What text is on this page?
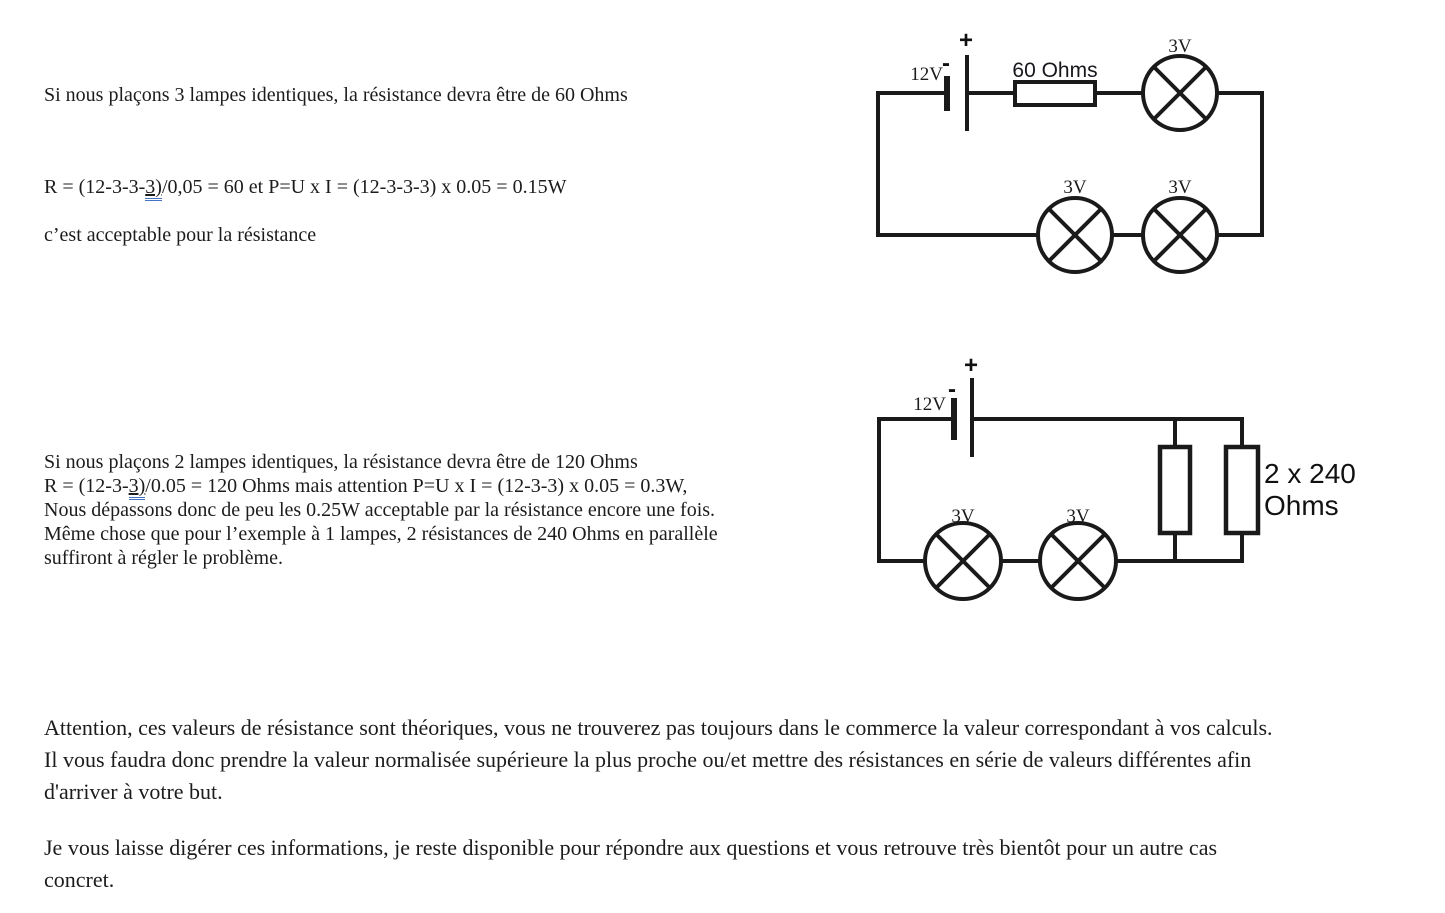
Si nous plaçons 3 lampes identiques, la résistance devra être de 60 Ohms
R = (12-3-3-3)/0,05 = 60 et P=U x I = (12-3-3-3) x 0.05 = 0.15W
c’est acceptable pour la résistance
Si nous plaçons 2 lampes identiques, la résistance devra être de 120 Ohms
R = (12-3-3)/0.05 = 120 Ohms mais attention P=U x I = (12-3-3) x 0.05 = 0.3W,
Nous dépassons donc de peu les 0.25W acceptable par la résistance encore une fois.
Même chose que pour l’exemple à 1 lampes, 2 résistances de 240 Ohms en parallèle
suffiront à régler le problème.
Attention, ces valeurs de résistance sont théoriques, vous ne trouverez pas toujours dans le commerce la valeur correspondant à vos calculs.
Il vous faudra donc prendre la valeur normalisée supérieure la plus proche ou/et mettre des résistances en série de valeurs différentes afin
d'arriver à votre but.
Je vous laisse digérer ces informations, je reste disponible pour répondre aux questions et vous retrouve très bientôt pour un autre cas
concret.
12V -
+
60 Ohms
3V
3V	3V
12V
-
+
3V	3V
2 x 240
Ohms
